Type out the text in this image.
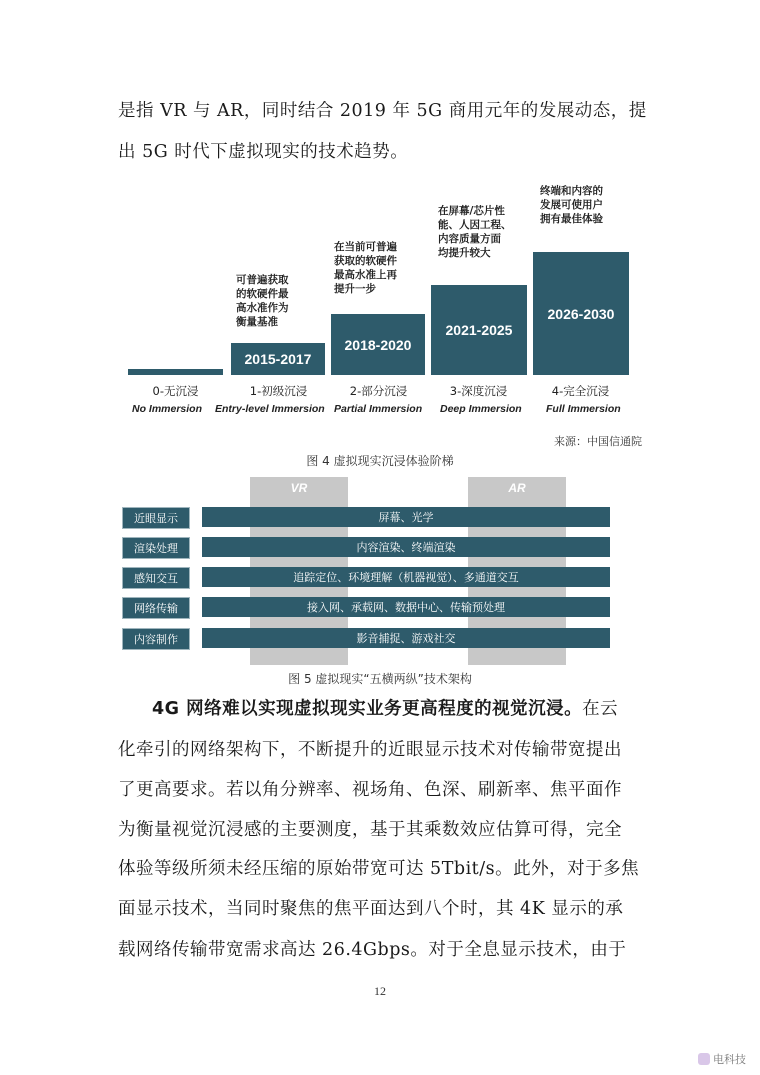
是指 VR 与 AR，同时结合 2019 年 5G 商用元年的发展动态，提
出 5G 时代下虚拟现实的技术趋势。
可普遍获取
的软硬件最
高水准作为
衡量基准
2015-2017
在当前可普遍
获取的软硬件
最高水准上再
提升一步
2018-2020
在屏幕/芯片性
能、人因工程、
内容质量方面
均提升较大
2021-2025
终端和内容的
发展可使用户
拥有最佳体验
2026-2030
0-无沉浸	1-初级沉浸	2-部分沉浸	3-深度沉浸	4-完全沉浸
No Immersion Entry-level Immersion Partial Immersion Deep Immersion Full Immersion
来源：中国信通院
图 4 虚拟现实沉浸体验阶梯
VR	AR
近眼显示	屏幕、光学
渲染处理	内容渲染、终端渲染
感知交互	追踪定位、环境理解（机器视觉）、多通道交互
网络传输	接入网、承载网、数据中心、传输预处理
内容制作	影音捕捉、游戏社交
图 5 虚拟现实“五横两纵”技术架构
4G 网络难以实现虚拟现实业务更高程度的视觉沉浸。在云
化牵引的网络架构下，不断提升的近眼显示技术对传输带宽提出
了更高要求。若以角分辨率、视场角、色深、刷新率、焦平面作
为衡量视觉沉浸感的主要测度，基于其乘数效应估算可得，完全
体验等级所须未经压缩的原始带宽可达 5Tbit/s。此外，对于多焦
面显示技术，当同时聚焦的焦平面达到八个时，其 4K 显示的承
载网络传输带宽需求高达 26.4Gbps。对于全息显示技术，由于
12
电科技
